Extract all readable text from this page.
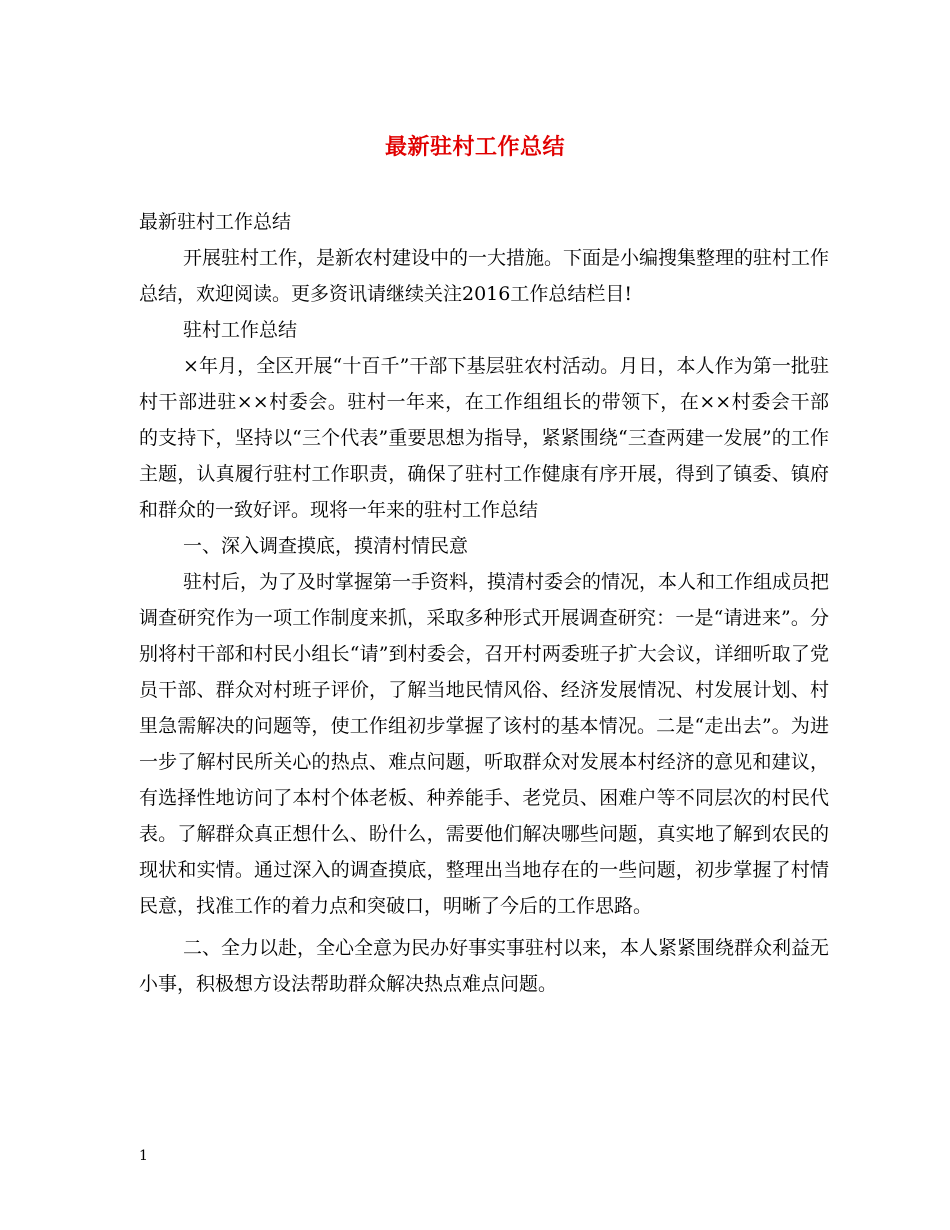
最新驻村工作总结

最新驻村工作总结

开展驻村工作，是新农村建设中的一大措施。下面是小编搜集整理的驻村工作总结，欢迎阅读。更多资讯请继续关注2016工作总结栏目!

驻村工作总结

×年月，全区开展“十百千”干部下基层驻农村活动。月日，本人作为第一批驻村干部进驻××村委会。驻村一年来，在工作组组长的带领下，在××村委会干部的支持下，坚持以“三个代表”重要思想为指导，紧紧围绕“三查两建一发展”的工作主题，认真履行驻村工作职责，确保了驻村工作健康有序开展，得到了镇委、镇府和群众的一致好评。现将一年来的驻村工作总结

一、深入调查摸底，摸清村情民意

驻村后，为了及时掌握第一手资料，摸清村委会的情况，本人和工作组成员把调查研究作为一项工作制度来抓，采取多种形式开展调查研究：一是“请进来”。分别将村干部和村民小组长“请”到村委会，召开村两委班子扩大会议，详细听取了党员干部、群众对村班子评价，了解当地民情风俗、经济发展情况、村发展计划、村里急需解决的问题等，使工作组初步掌握了该村的基本情况。二是“走出去”。为进一步了解村民所关心的热点、难点问题，听取群众对发展本村经济的意见和建议，有选择性地访问了本村个体老板、种养能手、老党员、困难户等不同层次的村民代表。了解群众真正想什么、盼什么，需要他们解决哪些问题，真实地了解到农民的现状和实情。通过深入的调查摸底，整理出当地存在的一些问题，初步掌握了村情民意，找准工作的着力点和突破口，明晰了今后的工作思路。

二、全力以赴，全心全意为民办好事实事驻村以来，本人紧紧围绕群众利益无小事，积极想方设法帮助群众解决热点难点问题。

1
